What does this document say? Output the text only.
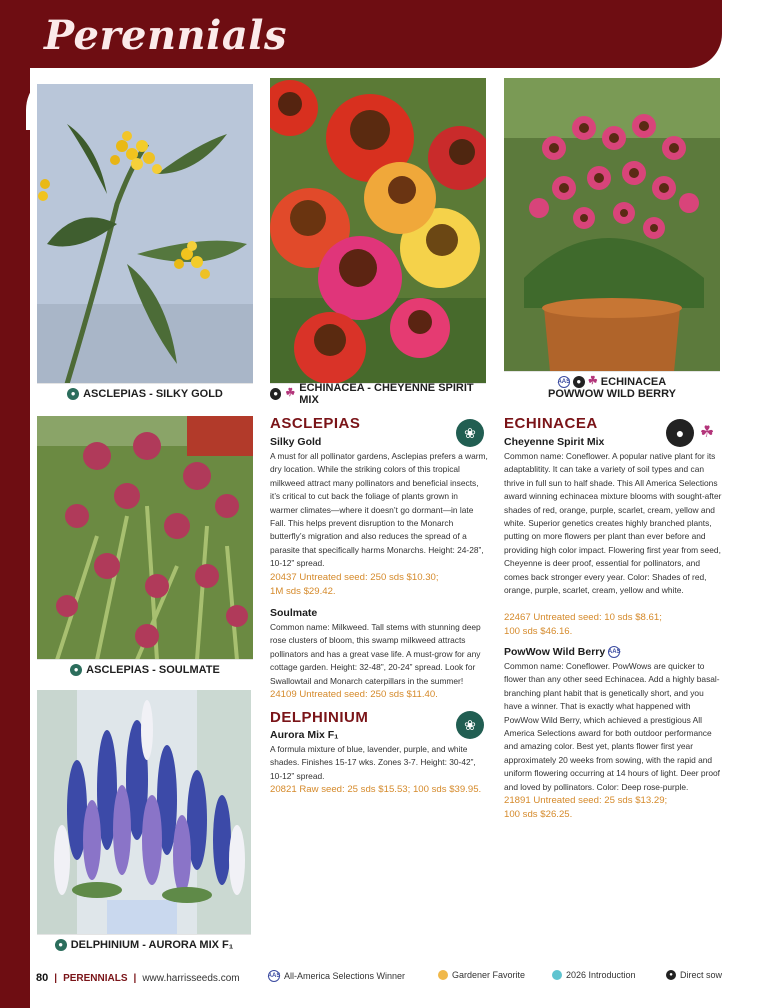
Perennials
● ASCLEPIAS - SILKY GOLD	● ☘ ECHINACEA - CHEYENNE SPIRIT MIX
AAS ● ☘ ECHINACEA
POWWOW WILD BERRY
● ASCLEPIAS - SOULMATE
● DELPHINIUM - AURORA MIX F₁
ASCLEPIAS
❀
Silky Gold
A must for all pollinator gardens, Asclepias prefers a warm, dry location. While the striking colors of this tropical milkweed attract many pollinators and beneficial insects, it’s critical to cut back the foliage of plants grown in warmer climates—where it doesn’t go dormant—in late Fall. This helps prevent disruption to the Monarch butterfly’s migration and also reduces the spread of a parasite that specifically harms Monarchs. Height: 24-28”, 10-12” spread.
20437 Untreated seed: 250 sds $10.30;
1M sds $29.42.
Soulmate
Common name: Milkweed. Tall stems with stunning deep rose clusters of bloom, this swamp milkweed attracts pollinators and has a great vase life. A must-grow for any cottage garden. Height: 32-48”, 20-24” spread. Look for Swallowtail and Monarch caterpillars in the summer!
24109 Untreated seed: 250 sds $11.40.
DELPHINIUM	❀
Aurora Mix F₁
A formula mixture of blue, lavender, purple, and white shades. Finishes 15-17 wks. Zones 3-7. Height: 30-42”, 10-12” spread.
20821 Raw seed: 25 sds $15.53; 100 sds $39.95.
ECHINACEA
● ☘
Cheyenne Spirit Mix
Common name: Coneflower. A popular native plant for its adaptablitity. It can take a variety of soil types and can thrive in full sun to half shade. This All America Selections award winning echinacea mixture blooms with sought-after shades of red, orange, purple, scarlet, cream, yellow and white. Superior genetics creates highly branched plants, putting on more flowers per plant than ever before and providing high color impact. Flowering first year from seed, Cheyenne is deer proof, essential for pollinators, and comes back stronger every year. Color: Shades of red, orange, purple, scarlet, cream, yellow and white.
22467 Untreated seed: 10 sds $8.61;
100 sds $46.16.
PowWow Wild Berry AAS
Common name: Coneflower. PowWows are quicker to flower than any other seed Echinacea. Add a highly basal-branching plant habit that is genetically short, and you have a winner. That is exactly what happened with PowWow Wild Berry, which achieved a prestigious All America Selections award for both outdoor performance and amazing color. Best yet, plants flower first year approximately 20 weeks from sowing, with the rapid and uniform flowering occurring at 14 hours of light. Deer proof and loved by pollinators. Color: Deep rose-purple.
21891 Untreated seed: 25 sds $13.29;
100 sds $26.25.
80 | PERENNIALS | www.harrisseeds.com	AAS All-America Selections Winner	Gardener Favorite	2026 Introduction	● Direct sow
